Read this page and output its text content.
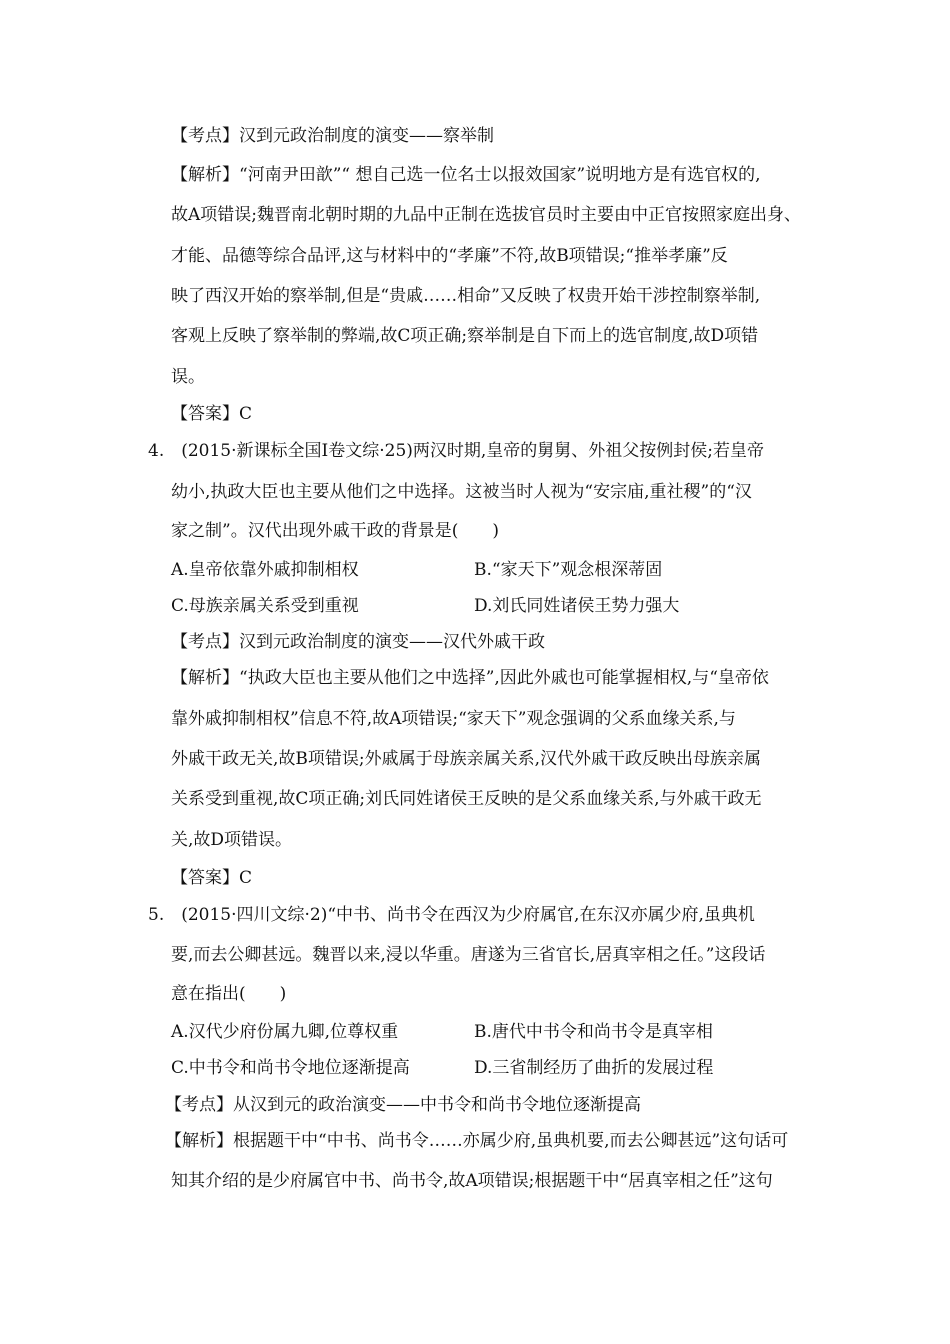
【考点】汉到元政治制度的演变——察举制
【解析】“河南尹田歆”“ 想自己选一位名士以报效国家”说明地方是有选官权的,
故A项错误;魏晋南北朝时期的九品中正制在选拔官员时主要由中正官按照家庭出身、
才能、品德等综合品评,这与材料中的“孝廉”不符,故B项错误;“推举孝廉”反
映了西汉开始的察举制,但是“贵戚……相命”又反映了权贵开始干涉控制察举制,
客观上反映了察举制的弊端,故C项正确;察举制是自下而上的选官制度,故D项错
误。
【答案】C
4. (2015·新课标全国Ⅰ卷文综·25)两汉时期,皇帝的舅舅、外祖父按例封侯;若皇帝
幼小,执政大臣也主要从他们之中选择。这被当时人视为“安宗庙,重社稷”的“汉
家之制”。汉代出现外戚干政的背景是(  )
A.皇帝依靠外戚抑制相权	B.“家天下”观念根深蒂固
C.母族亲属关系受到重视	D.刘氏同姓诸侯王势力强大
【考点】汉到元政治制度的演变——汉代外戚干政
【解析】“执政大臣也主要从他们之中选择”,因此外戚也可能掌握相权,与“皇帝依
靠外戚抑制相权”信息不符,故A项错误;“家天下”观念强调的父系血缘关系,与
外戚干政无关,故B项错误;外戚属于母族亲属关系,汉代外戚干政反映出母族亲属
关系受到重视,故C项正确;刘氏同姓诸侯王反映的是父系血缘关系,与外戚干政无
关,故D项错误。
【答案】C
5. (2015·四川文综·2)“中书、尚书令在西汉为少府属官,在东汉亦属少府,虽典机
要,而去公卿甚远。魏晋以来,浸以华重。唐遂为三省官长,居真宰相之任。”这段话
意在指出(  )
A.汉代少府份属九卿,位尊权重	B.唐代中书令和尚书令是真宰相
C.中书令和尚书令地位逐渐提高	D.三省制经历了曲折的发展过程
【考点】从汉到元的政治演变——中书令和尚书令地位逐渐提高
【解析】根据题干中“中书、尚书令……亦属少府,虽典机要,而去公卿甚远”这句话可
知其介绍的是少府属官中书、尚书令,故A项错误;根据题干中“居真宰相之任”这句
